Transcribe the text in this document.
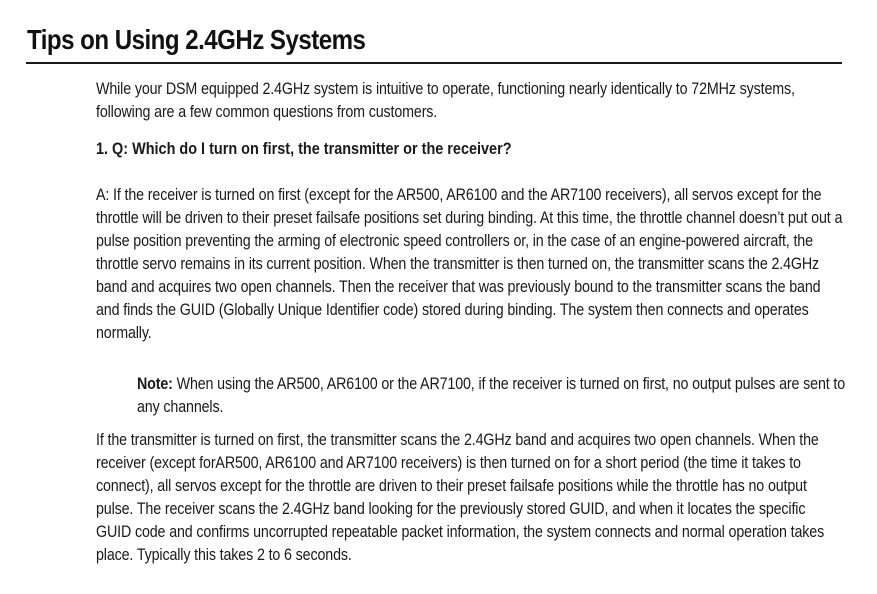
Tips on Using 2.4GHz Systems

While your DSM equipped 2.4GHz system is intuitive to operate, functioning nearly identically to 72MHz systems, following are a few common questions from customers.

1. Q: Which do I turn on first, the transmitter or the receiver?

A: If the receiver is turned on first (except for the AR500, AR6100 and the AR7100 receivers), all servos except for the throttle will be driven to their preset failsafe positions set during binding. At this time, the throttle channel doesn’t put out a pulse position preventing the arming of electronic speed controllers or, in the case of an engine-powered aircraft, the throttle servo remains in its current position. When the transmitter is then turned on, the transmitter scans the 2.4GHz band and acquires two open channels. Then the receiver that was previously bound to the transmitter scans the band and finds the GUID (Globally Unique Identifier code) stored during binding. The system then connects and operates normally.

Note: When using the AR500, AR6100 or the AR7100, if the receiver is turned on first, no output pulses are sent to any channels.

If the transmitter is turned on first, the transmitter scans the 2.4GHz band and acquires two open channels. When the receiver (except forAR500, AR6100 and AR7100 receivers) is then turned on for a short period (the time it takes to connect), all servos except for the throttle are driven to their preset failsafe positions while the throttle has no output pulse. The receiver scans the 2.4GHz band looking for the previously stored GUID, and when it locates the specific GUID code and confirms uncorrupted repeatable packet information, the system connects and normal operation takes place. Typically this takes 2 to 6 seconds.
